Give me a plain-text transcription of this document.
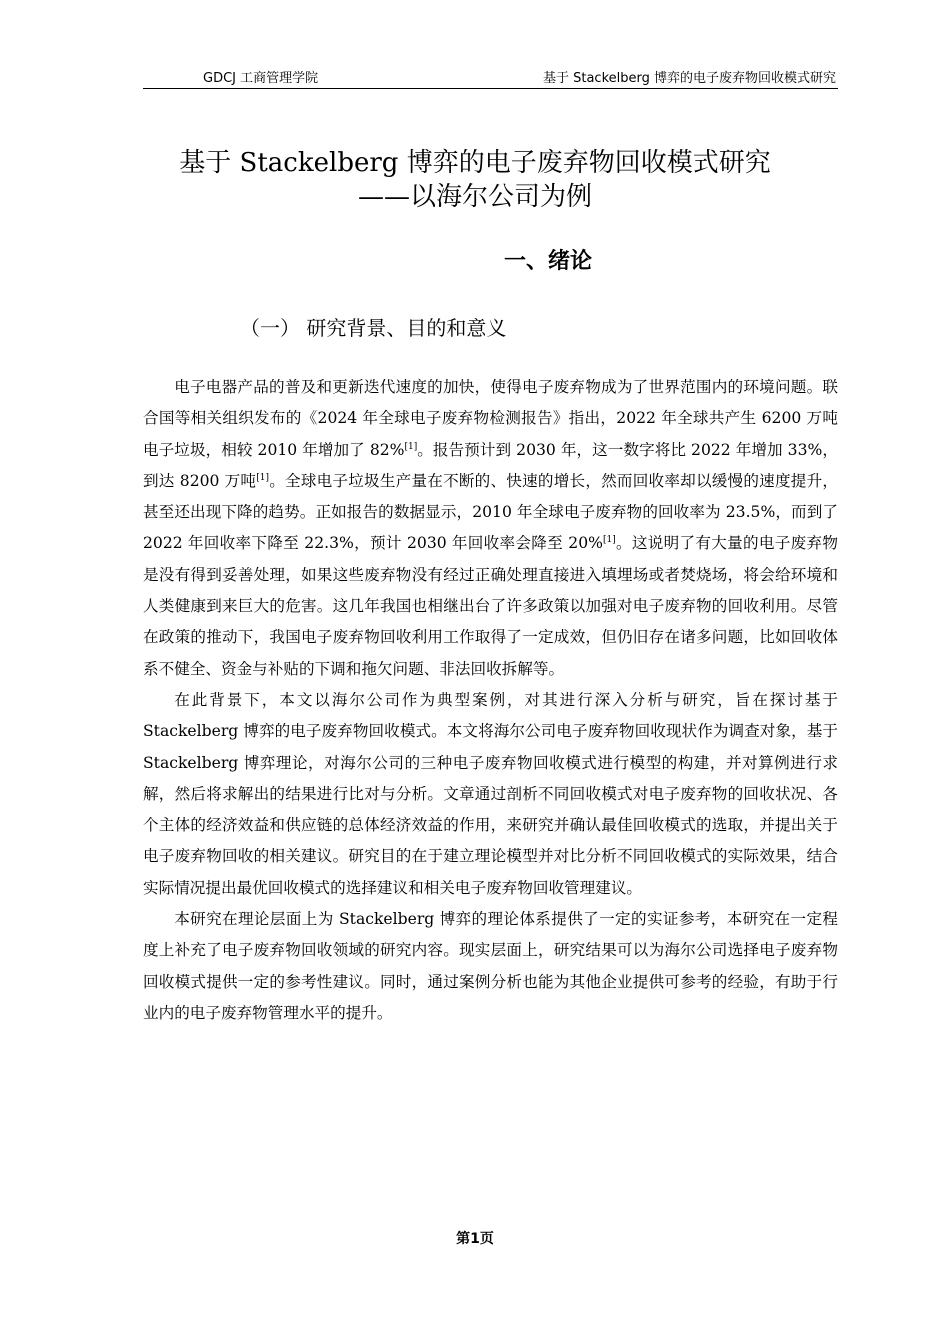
GDCJ 工商管理学院	基于 Stackelberg 博弈的电子废弃物回收模式研究
基于 Stackelberg 博弈的电子废弃物回收模式研究
——以海尔公司为例
一、绪论
（一） 研究背景、目的和意义

电子电器产品的普及和更新迭代速度的加快，使得电子废弃物成为了世界范围内的环境问题。联合国等相关组织发布的《2024 年全球电子废弃物检测报告》指出，2022 年全球共产生 6200 万吨电子垃圾，相较 2010 年增加了 82%[1]。报告预计到 2030 年，这一数字将比 2022 年增加 33%，到达 8200 万吨[1]。全球电子垃圾生产量在不断的、快速的增长，然而回收率却以缓慢的速度提升，甚至还出现下降的趋势。正如报告的数据显示，2010 年全球电子废弃物的回收率为 23.5%，而到了 2022 年回收率下降至 22.3%，预计 2030 年回收率会降至 20%[1]。这说明了有大量的电子废弃物是没有得到妥善处理，如果这些废弃物没有经过正确处理直接进入填埋场或者焚烧场，将会给环境和人类健康到来巨大的危害。这几年我国也相继出台了许多政策以加强对电子废弃物的回收利用。尽管在政策的推动下，我国电子废弃物回收利用工作取得了一定成效，但仍旧存在诸多问题，比如回收体系不健全、资金与补贴的下调和拖欠问题、非法回收拆解等。

在此背景下，本文以海尔公司作为典型案例，对其进行深入分析与研究，旨在探讨基于 Stackelberg 博弈的电子废弃物回收模式。本文将海尔公司电子废弃物回收现状作为调查对象，基于 Stackelberg 博弈理论，对海尔公司的三种电子废弃物回收模式进行模型的构建，并对算例进行求解，然后将求解出的结果进行比对与分析。文章通过剖析不同回收模式对电子废弃物的回收状况、各个主体的经济效益和供应链的总体经济效益的作用，来研究并确认最佳回收模式的选取，并提出关于电子废弃物回收的相关建议。研究目的在于建立理论模型并对比分析不同回收模式的实际效果，结合实际情况提出最优回收模式的选择建议和相关电子废弃物回收管理建议。

本研究在理论层面上为 Stackelberg 博弈的理论体系提供了一定的实证参考，本研究在一定程度上补充了电子废弃物回收领域的研究内容。现实层面上，研究结果可以为海尔公司选择电子废弃物回收模式提供一定的参考性建议。同时，通过案例分析也能为其他企业提供可参考的经验，有助于行业内的电子废弃物管理水平的提升。

第1页
